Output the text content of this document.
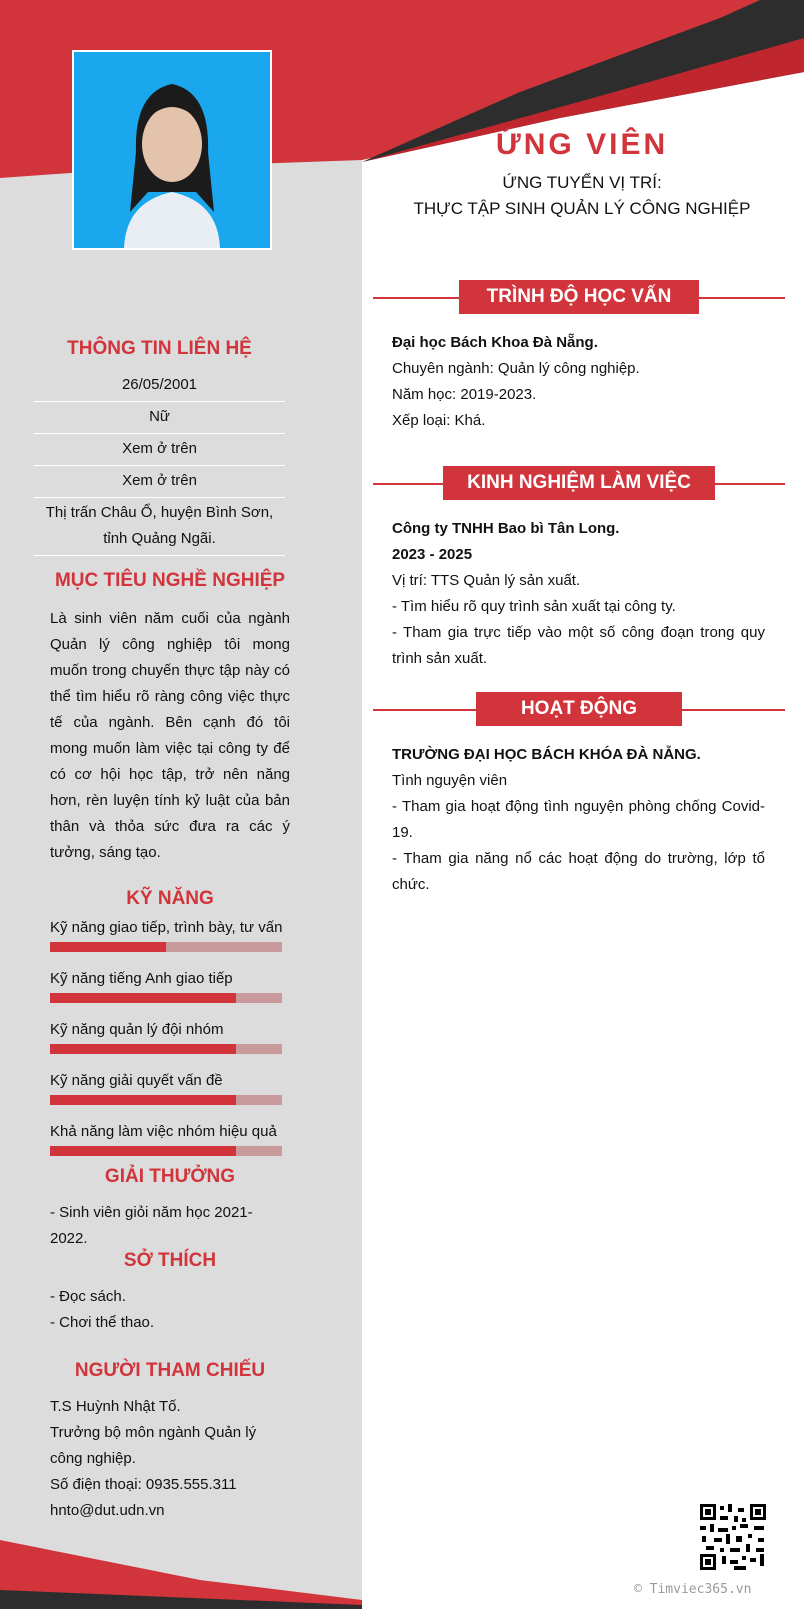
ỨNG VIÊN
ỨNG TUYỂN VỊ TRÍ:
THỰC TẬP SINH QUẢN LÝ CÔNG NGHIỆP
THÔNG TIN LIÊN HỆ
26/05/2001
Nữ
Xem ở trên
Xem ở trên
Thị trấn Châu Ổ, huyện Bình Sơn, tỉnh Quảng Ngãi.
MỤC TIÊU NGHỀ NGHIỆP

Là sinh viên năm cuối của ngành Quản lý công nghiệp tôi mong muốn trong chuyến thực tập này có thể tìm hiểu rõ ràng công việc thực tế của ngành. Bên cạnh đó tôi mong muốn làm việc tại công ty để có cơ hội học tập, trở nên năng hơn, rèn luyện tính kỷ luật của bản thân và thỏa sức đưa ra các ý tưởng, sáng tạo.

KỸ NĂNG
Kỹ năng giao tiếp, trình bày, tư vấn
Kỹ năng tiếng Anh giao tiếp
Kỹ năng quản lý đội nhóm
Kỹ năng giải quyết vấn đề
Khả năng làm việc nhóm hiệu quả
GIẢI THƯỞNG
- Sinh viên giỏi năm học 2021-2022.
SỞ THÍCH
- Đọc sách.
- Chơi thể thao.
NGƯỜI THAM CHIẾU
T.S Huỳnh Nhật Tố.
Trưởng bộ môn ngành Quản lý công nghiệp.
Số điện thoại: 0935.555.311
hnto@dut.udn.vn
TRÌNH ĐỘ HỌC VẤN
Đại học Bách Khoa Đà Nẵng.
Chuyên ngành: Quản lý công nghiệp.
Năm học: 2019-2023.
Xếp loại: Khá.
KINH NGHIỆM LÀM VIỆC
Công ty TNHH Bao bì Tân Long.
2023 - 2025
Vị trí: TTS Quản lý sản xuất.
- Tìm hiểu rõ quy trình sản xuất tại công ty.
- Tham gia trực tiếp vào một số công đoạn trong quy trình sản xuất.
HOẠT ĐỘNG
TRƯỜNG ĐẠI HỌC BÁCH KHÓA ĐÀ NẴNG.
Tình nguyện viên
- Tham gia hoạt động tình nguyện phòng chống Covid-19.
- Tham gia năng nổ các hoạt động do trường, lớp tổ chức.
© Timviec365.vn
